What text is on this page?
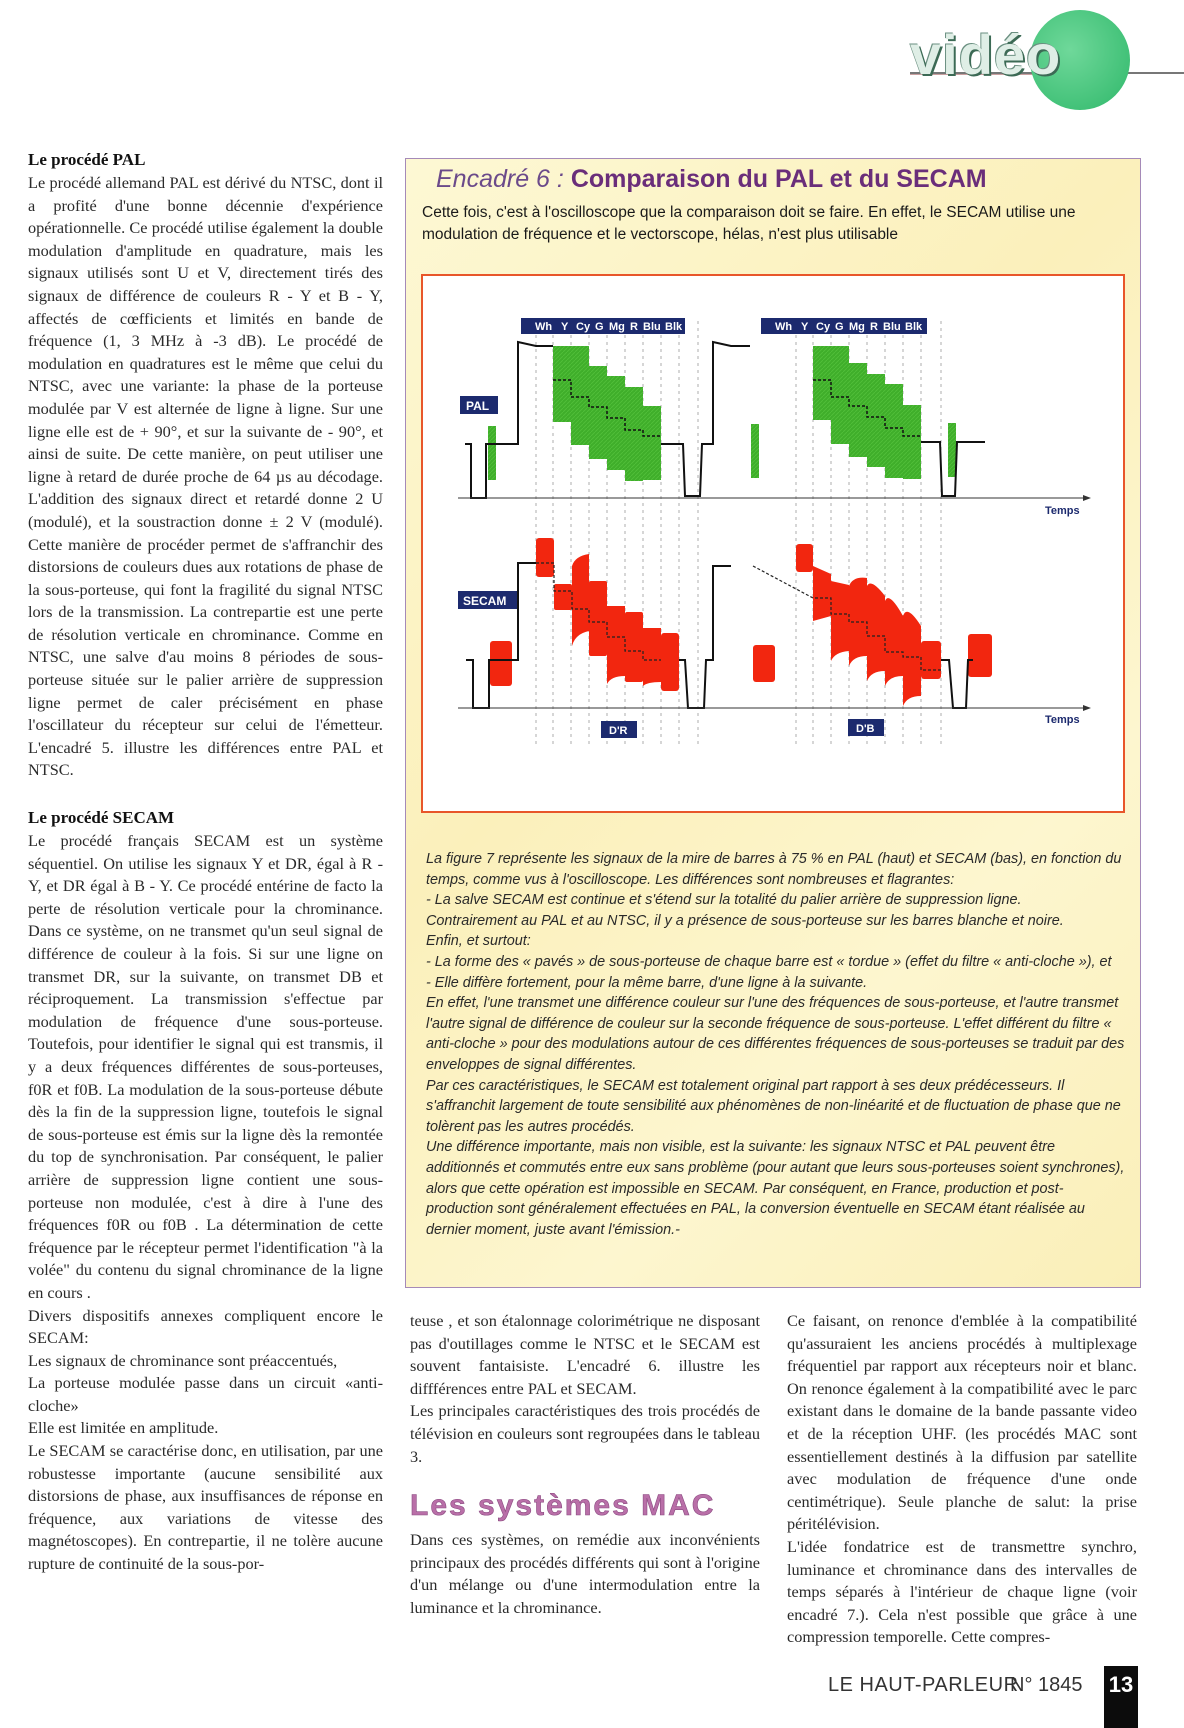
vidéo
Le procédé PAL

Le procédé allemand PAL est dérivé du NTSC, dont il a profité d'une bonne décennie d'expérience opérationnelle. Ce procédé utilise également la double modulation d'amplitude en quadrature, mais les signaux utilisés sont U et V, directement tirés des signaux de différence de couleurs R - Y et B - Y, affectés de cœfficients et limités en bande de fréquence (1, 3 MHz à -3 dB). Le procédé de modulation en quadratures est le même que celui du NTSC, avec une variante: la phase de la porteuse modulée par V est alternée de ligne à ligne. Sur une ligne elle est de + 90°, et sur la suivante de - 90°, et ainsi de suite. De cette manière, on peut utiliser une ligne à retard de durée proche de 64 µs au décodage. L'addition des signaux direct et retardé donne 2 U (modulé), et la soustraction donne ± 2 V (modulé). Cette manière de procéder permet de s'affranchir des distorsions de couleurs dues aux rotations de phase de la sous-porteuse, qui font la fragilité du signal NTSC lors de la transmission. La contrepartie est une perte de résolution verticale en chrominance. Comme en NTSC, une salve d'au moins 8 périodes de sous-porteuse située sur le palier arrière de suppression ligne permet de caler précisément en phase l'oscillateur du récepteur sur celui de l'émetteur. L'encadré 5. illustre les différences entre PAL et NTSC.

Le procédé SECAM

Le procédé français SECAM est un système séquentiel. On utilise les signaux Y et DR, égal à R - Y, et DR égal à B - Y. Ce procédé entérine de facto la perte de résolution verticale pour la chrominance. Dans ce système, on ne transmet qu'un seul signal de différence de couleur à la fois. Si sur une ligne on transmet DR, sur la suivante, on transmet DB et réciproquement. La transmission s'effectue par modulation de fréquence d'une sous-porteuse. Toutefois, pour identifier le signal qui est transmis, il y a deux fréquences différentes de sous-porteuses, f0R et f0B. La modulation de la sous-porteuse débute dès la fin de la suppression ligne, toutefois le signal de sous-porteuse est émis sur la ligne dès la remontée du top de synchronisation. Par conséquent, le palier arrière de suppression ligne contient une sous-porteuse non modulée, c'est à dire à l'une des fréquences f0R ou f0B . La détermination de cette fréquence par le récepteur permet l'identification "à la volée" du contenu du signal chrominance de la ligne en cours .

Divers dispositifs annexes compliquent encore le SECAM:

Les signaux de chrominance sont préaccentués,

La porteuse modulée passe dans un circuit «anti-cloche»

Elle est limitée en amplitude.

Le SECAM se caractérise donc, en utilisation, par une robustesse importante (aucune sensibilité aux distorsions de phase, aux insuffisances de réponse en fréquence, aux variations de vitesse des magnétoscopes). En contrepartie, il ne tolère aucune rupture de continuité de la sous-por-

Encadré 6 : Comparaison du PAL et du SECAM
Cette fois, c'est à l'oscilloscope que la comparaison doit se faire. En effet, le SECAM utilise une modulation de fréquence et le vectorscope, hélas, n'est plus utilisable
Wh Y Cy G Mg R Blu Blk	Wh Y Cy G Mg R Blu Blk
PAL
Temps
SECAM
Temps
D'R	D'B

La figure 7 représente les signaux de la mire de barres à 75 % en PAL (haut) et SECAM (bas), en fonction du temps, comme vus à l'oscilloscope. Les différences sont nombreuses et flagrantes:

- La salve SECAM est continue et s'étend sur la totalité du palier arrière de suppression ligne.

Contrairement au PAL et au NTSC, il y a présence de sous-porteuse sur les barres blanche et noire.

Enfin, et surtout:

- La forme des « pavés » de sous-porteuse de chaque barre est « tordue » (effet du filtre « anti-cloche »), et

- Elle diffère fortement, pour la même barre, d'une ligne à la suivante.

En effet, l'une transmet une différence couleur sur l'une des fréquences de sous-porteuse, et l'autre transmet l'autre signal de différence de couleur sur la seconde fréquence de sous-porteuse. L'effet différent du filtre « anti-cloche » pour des modulations autour de ces différentes fréquences de sous-porteuses se traduit par des enveloppes de signal différentes.

Par ces caractéristiques, le SECAM est totalement original part rapport à ses deux prédécesseurs. Il s'affranchit largement de toute sensibilité aux phénomènes de non-linéarité et de fluctuation de phase que ne tolèrent pas les autres procédés.

Une différence importante, mais non visible, est la suivante: les signaux NTSC et PAL peuvent être additionnés et commutés entre eux sans problème (pour autant que leurs sous-porteuses soient synchrones), alors que cette opération est impossible en SECAM. Par conséquent, en France, production et post-production sont généralement effectuées en PAL, la conversion éventuelle en SECAM étant réalisée au dernier moment, juste avant l'émission.-

teuse , et son étalonnage colorimétrique ne disposant pas d'outillages comme le NTSC et le SECAM est souvent fantaisiste. L'encadré 6. illustre les diffférences entre PAL et SECAM.

Les principales caractéristiques des trois procédés de télévision en couleurs sont regroupées dans le tableau 3.

Les systèmes MAC

Dans ces systèmes, on remédie aux inconvénients principaux des procédés différents qui sont à l'origine d'un mélange ou d'une intermodulation entre la luminance et la chrominance.

Ce faisant, on renonce d'emblée à la compatibilité qu'assuraient les anciens procédés à multiplexage fréquentiel par rapport aux récepteurs noir et blanc. On renonce également à la compatibilité avec le parc existant dans le domaine de la bande passante video et de la réception UHF. (les procédés MAC sont essentiellement destinés à la diffusion par satellite avec modulation de fréquence d'une onde centimétrique). Seule planche de salut: la prise péritélévision.

L'idée fondatrice est de transmettre synchro, luminance et chrominance dans des intervalles de temps séparés à l'intérieur de chaque ligne (voir encadré 7.). Cela n'est possible que grâce à une compression temporelle. Cette compres-

LE HAUT-PARLEUR
N° 1845 13
